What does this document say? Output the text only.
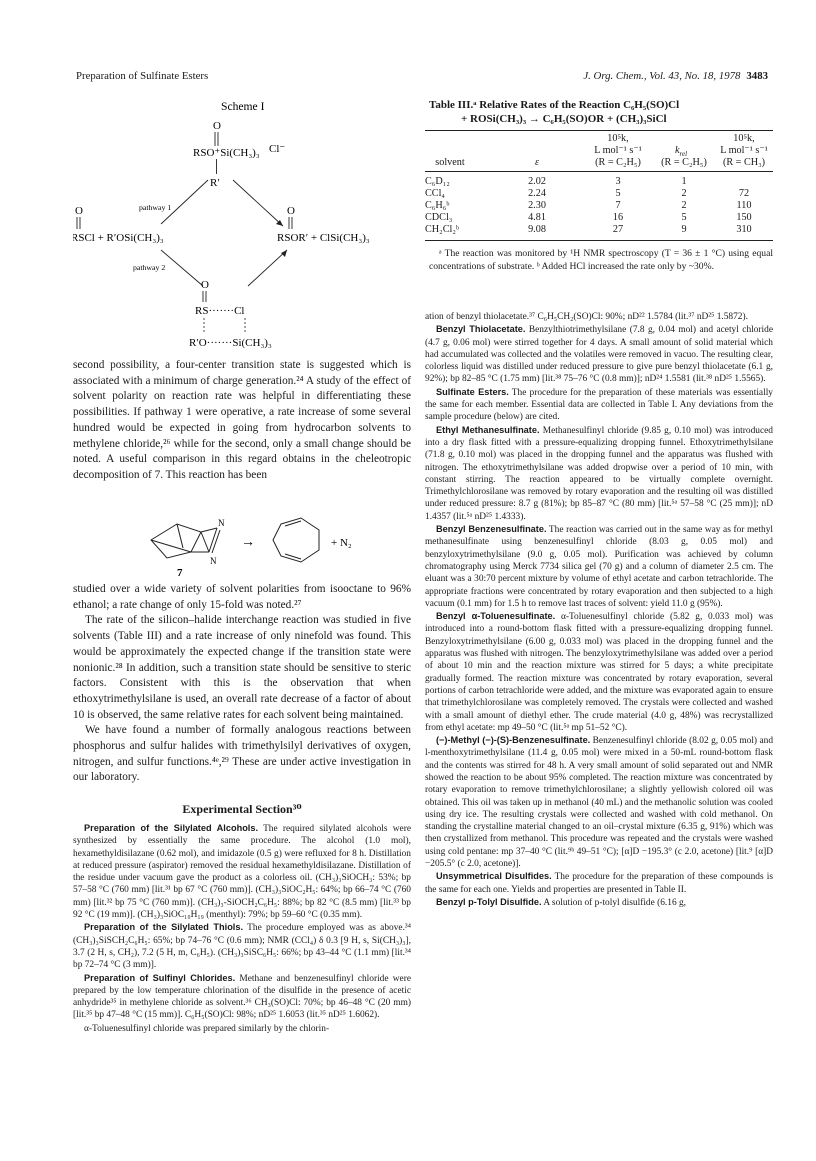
Preparation of Sulfinate Esters	J. Org. Chem., Vol. 43, No. 18, 1978 3483
Scheme I
O
RSO⁺Si(CH₃)₃ Cl⁻
R′
pathway 1
O
RSCl + R′OSi(CH₃)₃
O
RSOR′ + ClSi(CH₃)₃
pathway 2
O
RS·······Cl
R′O·······Si(CH₃)₃

second possibility, a four-center transition state is suggested which is associated with a minimum of charge generation.²⁴ A study of the effect of solvent polarity on reaction rate was helpful in differentiating these possibilities. If pathway 1 were operative, a rate increase of some several hundred would be expected in going from hydrocarbon solvents to methylene chloride,²⁶ while for the second, only a small change should be noted. A useful comparison in this regard obtains in the cheleotropic decomposition of 7. This reaction has been

N
N
7
→	+ N₂

studied over a wide variety of solvent polarities from isooctane to 96% ethanol; a rate change of only 15-fold was noted.²⁷

The rate of the silicon–halide interchange reaction was studied in five solvents (Table III) and a rate increase of only ninefold was found. This would be approximately the expected change if the transition state were nonionic.²⁸ In addition, such a transition state should be sensitive to steric factors. Consistent with this is the observation that when ethoxytrimethylsilane is used, an overall rate decrease of a factor of about 10 is observed, the same relative rates for each solvent being maintained.

We have found a number of formally analogous reactions between phosphorus and sulfur halides with trimethylsilyl derivatives of oxygen, nitrogen, and sulfur functions.⁴ᵉ,²⁹ These are under active investigation in our laboratory.

Experimental Section³⁰

Preparation of the Silylated Alcohols. The required silylated alcohols were synthesized by essentially the same procedure. The alcohol (1.0 mol), hexamethyldisilazane (0.62 mol), and imidazole (0.5 g) were refluxed for 8 h. Distillation at reduced pressure (aspirator) removed the residual hexamethyldisilazane. Distillation of the residue under vacuum gave the product as a colorless oil. (CH₃)₃SiOCH₃: 53%; bp 57–58 °C (760 mm) [lit.³¹ bp 67 °C (760 mm)]. (CH₃)₃SiOC₂H₅: 64%; bp 66–74 °C (760 mm) [lit.³² bp 75 °C (760 mm)]. (CH₃)₃-SiOCH₂C₆H₅: 88%; bp 82 °C (8.5 mm) [lit.³³ bp 92 °C (19 mm)]. (CH₃)₃SiOC₁₀H₁₉ (menthyl): 79%; bp 59–60 °C (0.35 mm).

Preparation of the Silylated Thiols. The procedure employed was as above.³⁴ (CH₃)₃SiSCH₂C₆H₅: 65%; bp 74–76 °C (0.6 mm); NMR (CCl₄) δ 0.3 [9 H, s, Si(CH₃)₃], 3.7 (2 H, s, CH₂), 7.2 (5 H, m, C₆H₅). (CH₃)₃SiSC₆H₅: 66%; bp 43–44 °C (1.1 mm) [lit.³⁴ bp 72–74 °C (3 mm)].

Preparation of Sulfinyl Chlorides. Methane and benzenesulfinyl chloride were prepared by the low temperature chlorination of the disulfide in the presence of acetic anhydride³⁵ in methylene chloride as solvent.³⁶ CH₃(SO)Cl: 70%; bp 46–48 °C (20 mm) [lit.³⁵ bp 47–48 °C (15 mm)]. C₆H₅(SO)Cl: 98%; nD²⁵ 1.6053 (lit.³⁵ nD²⁵ 1.6062).

α-Toluenesulfinyl chloride was prepared similarly by the chlorin-

Table III.ᵃ Relative Rates of the Reaction C₆H₅(SO)Cl
+ ROSi(CH₃)₃ → C₆H₅(SO)OR + (CH₃)₃SiCl
10⁵k,
L mol⁻¹ s⁻¹
(R = C₂H₅)
$k_{rel}$
(R = C₂H₅)
10⁵k,
L mol⁻¹ s⁻¹
(R = CH₃)
solvent	ε
C₆D₁₂	2.02	3	1
CCl₄	2.24	5	2	72
C₆H₆ᵇ	2.30	7	2	110
CDCl₃	4.81	16	5	150
CH₂Cl₂ᵇ	9.08	27	9	310
ᵃ The reaction was monitored by ¹H NMR spectroscopy (T = 36 ± 1 °C) using equal concentrations of substrate. ᵇ Added HCl increased the rate only by ~30%.

ation of benzyl thiolacetate.³⁷ C₆H₅CH₂(SO)Cl: 90%; nD²² 1.5784 (lit.³⁷ nD²⁵ 1.5872).

Benzyl Thiolacetate. Benzylthiotrimethylsilane (7.8 g, 0.04 mol) and acetyl chloride (4.7 g, 0.06 mol) were stirred together for 4 days. A small amount of solid material which had accumulated was collected and the volatiles were removed in vacuo. The resulting clear, colorless liquid was distilled under reduced pressure to give pure benzyl thiolacetate (6.1 g, 92%); bp 82–85 °C (1.75 mm) [lit.³⁸ 75–76 °C (0.8 mm)]; nD²⁴ 1.5581 (lit.³⁸ nD²⁵ 1.5565).

Sulfinate Esters. The procedure for the preparation of these materials was essentially the same for each member. Essential data are collected in Table I. Any deviations from the sample procedure (below) are cited.

Ethyl Methanesulfinate. Methanesulfinyl chloride (9.85 g, 0.10 mol) was introduced into a dry flask fitted with a pressure-equalizing dropping funnel. Ethoxytrimethylsilane (71.8 g, 0.10 mol) was placed in the dropping funnel and the apparatus was flushed with nitrogen. The ethoxytrimethylsilane was added dropwise over a period of 10 min, with constant stirring. The reaction appeared to be virtually complete overnight. Trimethylchlorosilane was removed by rotary evaporation and the resulting oil was distilled under reduced pressure: 8.7 g (81%); bp 85–87 °C (80 mm) [lit.⁵ᵃ 57–58 °C (25 mm)]; nD 1.4357 (lit.⁵ᵃ nD²⁵ 1.4333).

Benzyl Benzenesulfinate. The reaction was carried out in the same way as for methyl methanesulfinate using benzenesulfinyl chloride (8.03 g, 0.05 mol) and benzyloxytrimethylsilane (9.0 g, 0.05 mol). Purification was achieved by column chromatography using Merck 7734 silica gel (70 g) and a column of diameter 2.5 cm. The eluant was a 30:70 percent mixture by volume of ethyl acetate and carbon tetrachloride. The appropriate fractions were concentrated by rotary evaporation and then subjected to a high vacuum (0.1 mm) for 1.5 h to remove last traces of solvent: yield 11.0 g (95%).

Benzyl α-Toluenesulfinate. α-Toluenesulfinyl chloride (5.82 g, 0.033 mol) was introduced into a round-bottom flask fitted with a pressure-equalizing dropping funnel. Benzyloxytrimethylsilane (6.00 g, 0.033 mol) was placed in the dropping funnel and the apparatus was flushed with nitrogen. The benzyloxytrimethylsilane was added over a period of about 10 min and the reaction mixture was stirred for 5 days; a white precipitate gradually formed. The reaction mixture was concentrated by rotary evaporation, several portions of carbon tetrachloride were added, and the mixture was evaporated again to ensure that trimethylchlorosilane was completely removed. The crystals were collected and washed with a small amount of diethyl ether. The crude material (4.0 g, 48%) was recrystallized from ethyl acetate: mp 49–50 °C (lit.⁵ᵃ mp 51–52 °C).

(−)-Methyl (−)-(S)-Benzenesulfinate. Benzenesulfinyl chloride (8.02 g, 0.05 mol) and l-menthoxytrimethylsilane (11.4 g, 0.05 mol) were mixed in a 50-mL round-bottom flask and the contents was stirred for 48 h. A very small amount of solid separated out and NMR showed the reaction to be about 95% completed. The reaction mixture was concentrated by rotary evaporation to remove trimethylchlorosilane; a slightly yellowish colored oil was obtained. This oil was taken up in methanol (40 mL) and the methanolic solution was cooled using dry ice. The resulting crystals were collected and washed with cold methanol. On standing the crystalline material changed to an oil–crystal mixture (6.35 g, 91%) which was then crystallized from methanol. This procedure was repeated and the crystals were washed using cold pentane: mp 37–40 °C (lit.⁹ᵇ 49–51 °C); [α]D −195.3° (c 2.0, acetone) [lit.⁹ [α]D −205.5° (c 2.0, acetone)].

Unsymmetrical Disulfides. The procedure for the preparation of these compounds is the same for each one. Yields and properties are presented in Table II.

Benzyl p-Tolyl Disulfide. A solution of p-tolyl disulfide (6.16 g,
